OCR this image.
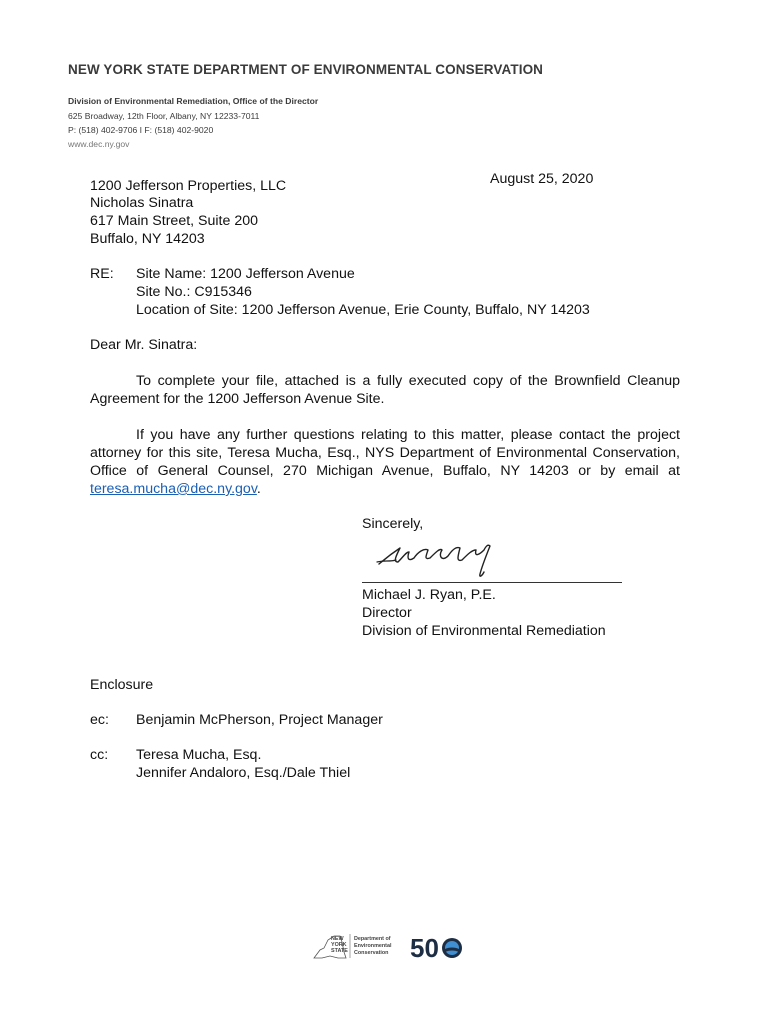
NEW YORK STATE DEPARTMENT OF ENVIRONMENTAL CONSERVATION
Division of Environmental Remediation, Office of the Director
625 Broadway, 12th Floor, Albany, NY 12233-7011
P: (518) 402-9706 I F: (518) 402-9020
www.dec.ny.gov
August 25, 2020
1200 Jefferson Properties, LLC
Nicholas Sinatra
617 Main Street, Suite 200
Buffalo, NY 14203
RE: Site Name: 1200 Jefferson Avenue
Site No.: C915346
Location of Site: 1200 Jefferson Avenue, Erie County, Buffalo, NY 14203
Dear Mr. Sinatra:
To complete your file, attached is a fully executed copy of the Brownfield Cleanup Agreement for the 1200 Jefferson Avenue Site.
If you have any further questions relating to this matter, please contact the project attorney for this site, Teresa Mucha, Esq., NYS Department of Environmental Conservation, Office of General Counsel, 270 Michigan Avenue, Buffalo, NY 14203 or by email at teresa.mucha@dec.ny.gov.
Sincerely,
Michael J. Ryan, P.E.
Director
Division of Environmental Remediation
Enclosure
ec: Benjamin McPherson, Project Manager
cc: Teresa Mucha, Esq.
Jennifer Andaloro, Esq./Dale Thiel
NEW
YORK
STATE
Department of
Environmental
Conservation 50
